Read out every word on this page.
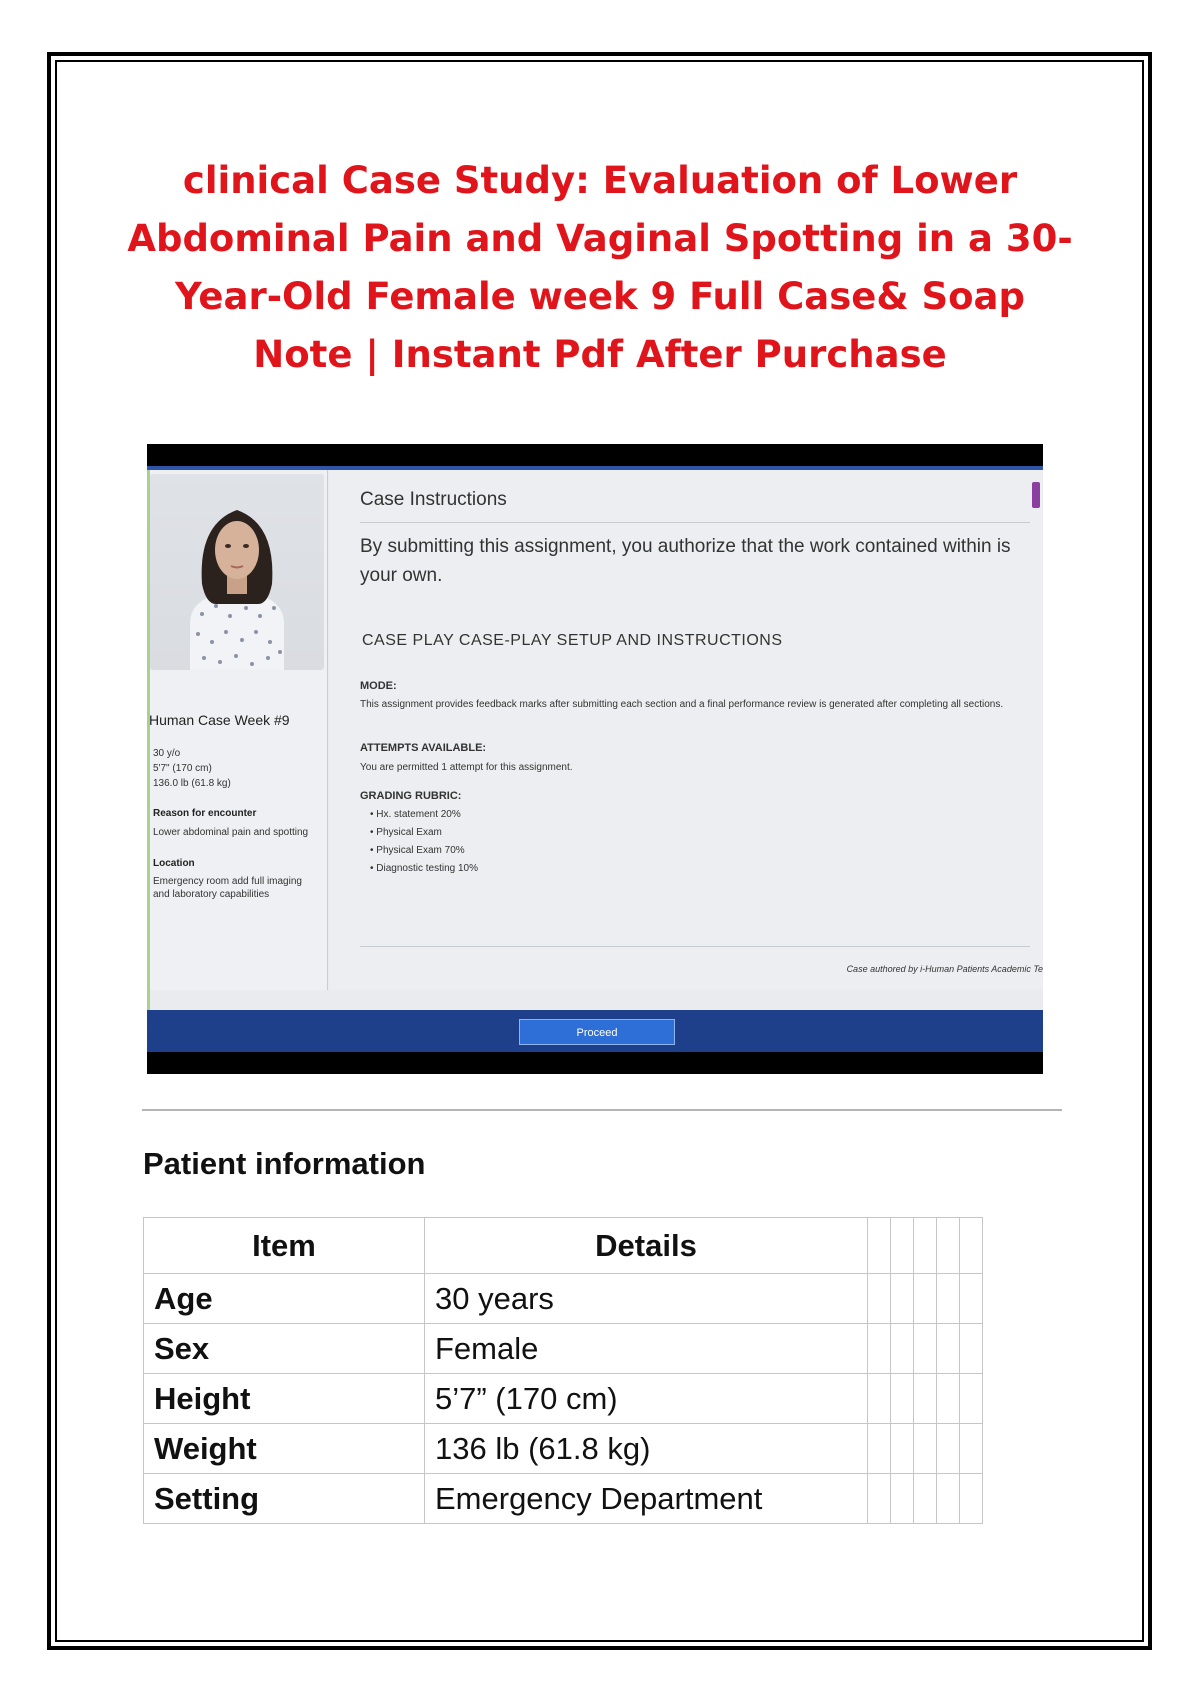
clinical Case Study: Evaluation of Lower Abdominal Pain and Vaginal Spotting in a 30-Year-Old Female week 9 Full Case& Soap Note | Instant Pdf After Purchase
Human Case Week #9
30 y/o
5'7" (170 cm)
136.0 lb (61.8 kg)
Reason for encounter
Lower abdominal pain and spotting
Location
Emergency room add full imaging
and laboratory capabilities
Case Instructions
By submitting this assignment, you authorize that the work contained within is your own.
CASE PLAY CASE-PLAY SETUP AND INSTRUCTIONS
MODE:
This assignment provides feedback marks after submitting each section and a final performance review is generated after completing all sections.
ATTEMPTS AVAILABLE:
You are permitted 1 attempt for this assignment.
GRADING RUBRIC:
• Hx. statement 20%
• Physical Exam
• Physical Exam 70%
• Diagnostic testing 10%
Case authored by i-Human Patients Academic Te
Proceed
Patient information
Item	Details					
Age	30 years					
Sex	Female					
Height	5’7” (170 cm)					
Weight	136 lb (61.8 kg)					
Setting	Emergency Department					
